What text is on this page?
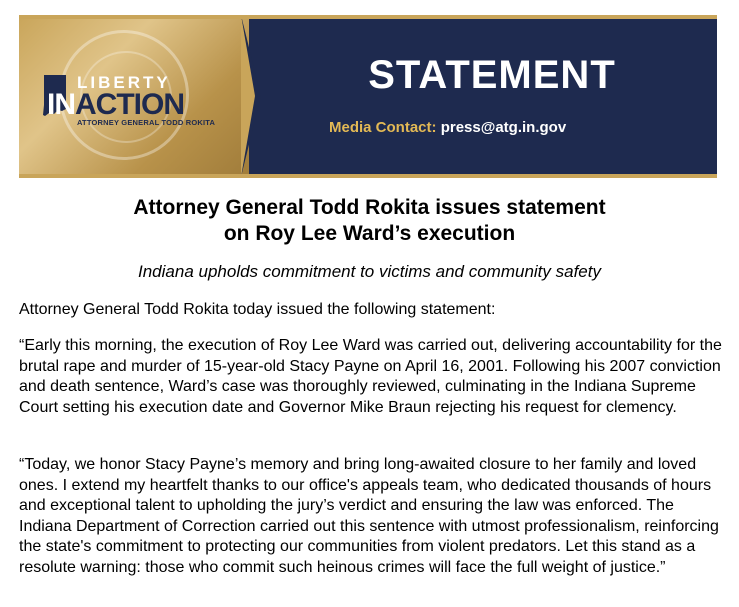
LIBERTY
INACTION
ATTORNEY GENERAL TODD ROKITA
STATEMENT
Media Contact: press@atg.in.gov
Attorney General Todd Rokita issues statement
on Roy Lee Ward’s execution
Indiana upholds commitment to victims and community safety

Attorney General Todd Rokita today issued the following statement:

“Early this morning, the execution of Roy Lee Ward was carried out, delivering accountability for the brutal rape and murder of 15-year-old Stacy Payne on April 16, 2001. Following his 2007 conviction and death sentence, Ward’s case was thoroughly reviewed, culminating in the Indiana Supreme Court setting his execution date and Governor Mike Braun rejecting his request for clemency.

“Today, we honor Stacy Payne’s memory and bring long-awaited closure to her family and loved ones. I extend my heartfelt thanks to our office's appeals team, who dedicated thousands of hours and exceptional talent to upholding the jury’s verdict and ensuring the law was enforced. The Indiana Department of Correction carried out this sentence with utmost professionalism, reinforcing the state's commitment to protecting our communities from violent predators. Let this stand as a resolute warning: those who commit such heinous crimes will face the full weight of justice.”
